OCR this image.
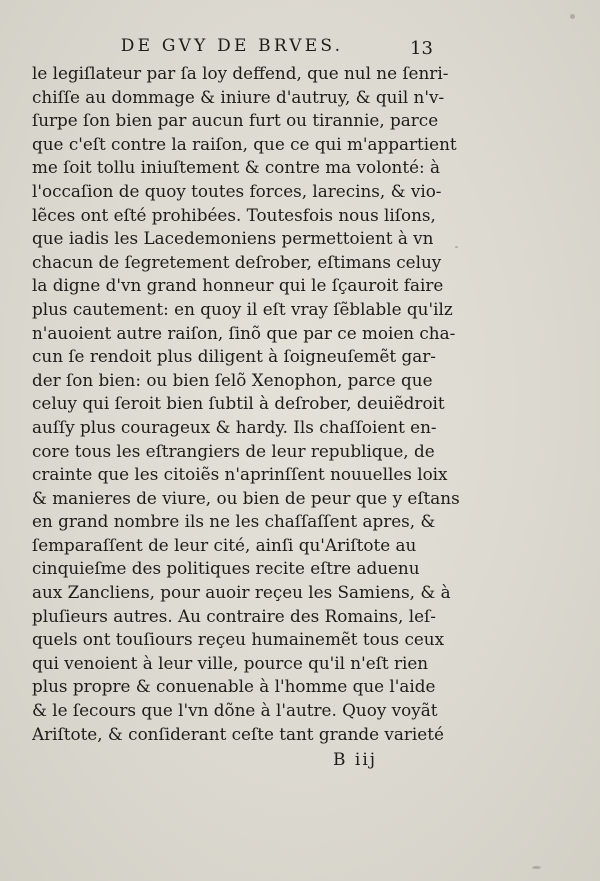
DE GVY DE BRVES.	13
le legiſlateur par ſa loy deffend, que nul ne ſenri-
chiſſe au dommage & iniure d'autruy, & quil n'v-
ſurpe ſon bien par aucun furt ou tirannie, parce
que c'eſt contre la raiſon, que ce qui m'appartient
me ſoit tollu iniuſtement & contre ma volonté: à
l'occaſion de quoy toutes forces, larecins, & vio-
lẽces ont eſté prohibées. Toutesfois nous liſons,
que iadis les Lacedemoniens permettoient à vn
chacun de ſegretement deſrober, eſtimans celuy
la digne d'vn grand honneur qui le ſçauroit faire
plus cautement: en quoy il eſt vray ſẽblable qu'ilz
n'auoient autre raiſon, ſinõ que par ce moien cha-
cun ſe rendoit plus diligent à ſoigneuſemẽt gar-
der ſon bien: ou bien ſelõ Xenophon, parce que
celuy qui ſeroit bien ſubtil à deſrober, deuiẽdroit
auſſy plus courageux & hardy. Ils chaſſoient en-
core tous les eſtrangiers de leur republique, de
crainte que les citoiẽs n'aprinſſent nouuelles loix
& manieres de viure, ou bien de peur que y eſtans
en grand nombre ils ne les chaſſaſſent apres, &
ſemparaſſent de leur cité, ainſi qu'Ariſtote au
cinquieſme des politiques recite eſtre aduenu
aux Zancliens, pour auoir reçeu les Samiens, & à
pluſieurs autres. Au contraire des Romains, leſ-
quels ont touſiours reçeu humainemẽt tous ceux
qui venoient à leur ville, pource qu'il n'eſt rien
plus propre & conuenable à l'homme que l'aide
& le ſecours que l'vn dõne à l'autre. Quoy voyãt
Ariſtote, & conſiderant ceſte tant grande varieté
B iij
